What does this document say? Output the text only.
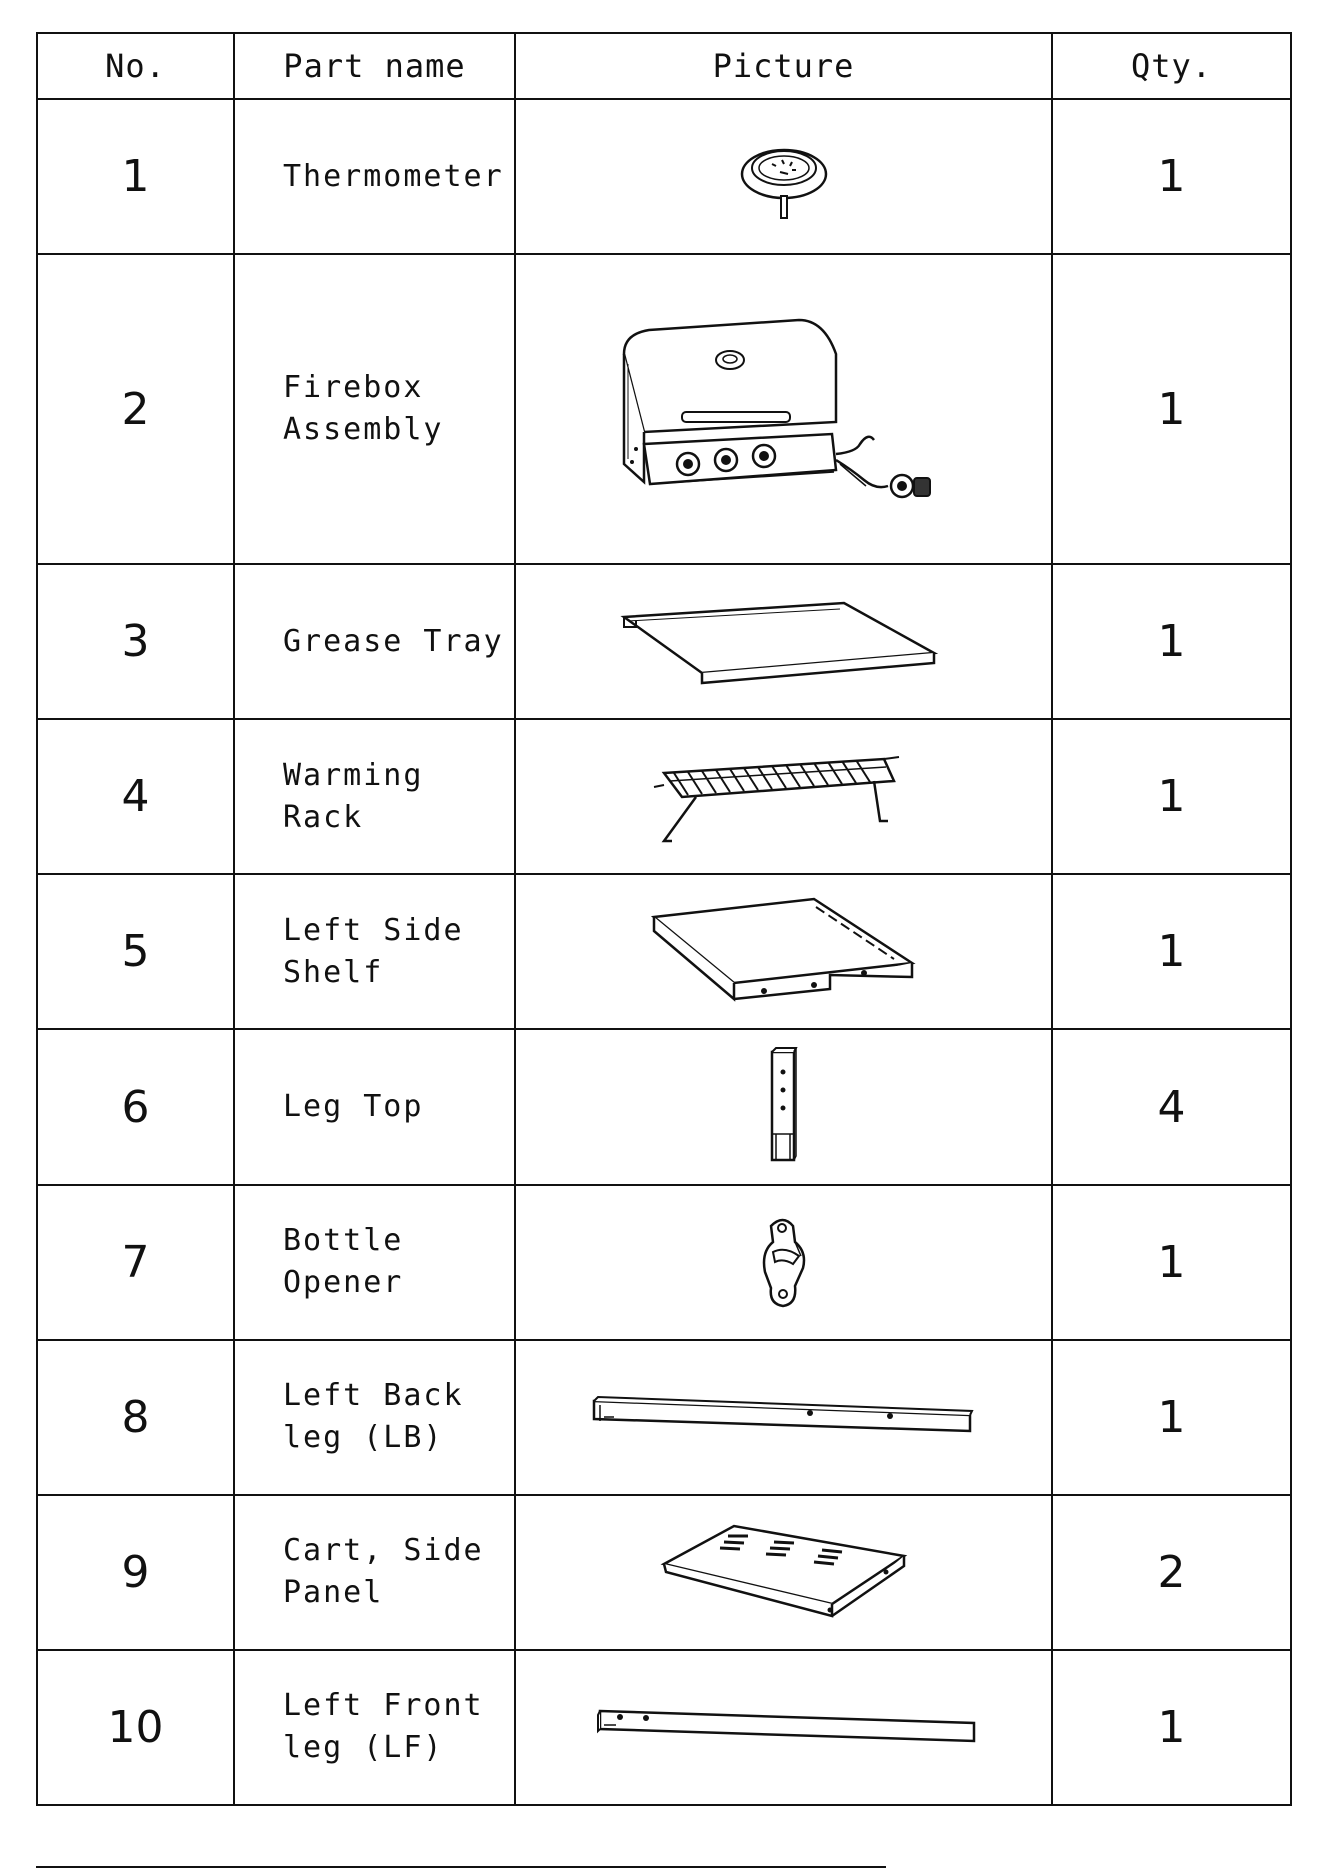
No.	Part name	Picture	Qty.
1	Thermometer		1
2	Firebox
Assembly		1
3	Grease Tray		1
4	Warming Rack		1
5	Left Side
Shelf		1
6	Leg Top		4
7	Bottle
Opener		1
8	Left Back
leg (LB)		1
9	Cart, Side
Panel		2
10	Left Front
leg (LF)		1
